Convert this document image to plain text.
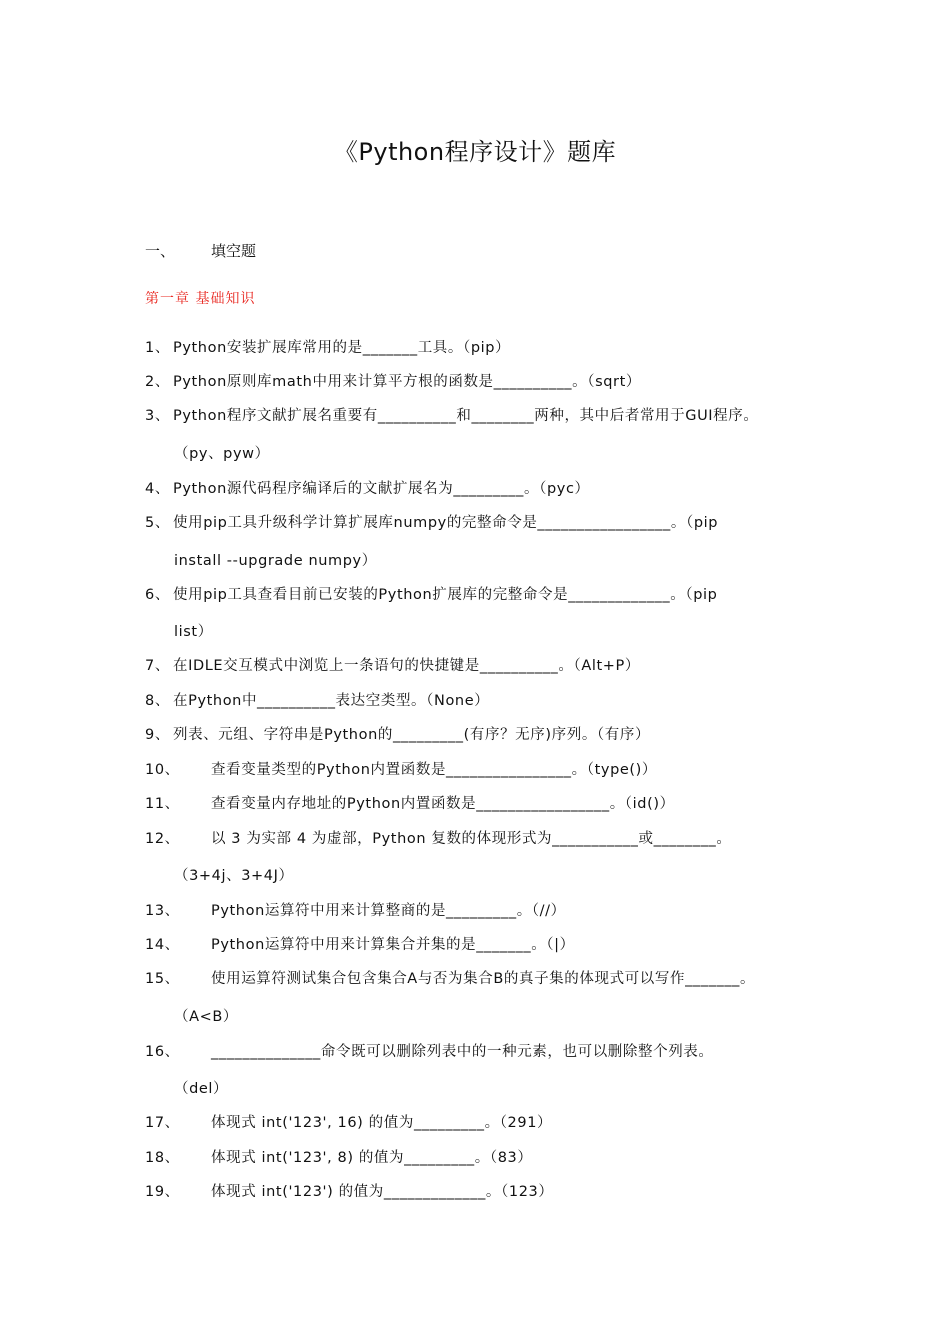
《Python程序设计》题库
一、	填空题
第一章 基础知识
1、 Python安装扩展库常用的是_______工具。（pip）
2、 Python原则库math中用来计算平方根的函数是__________。（sqrt）
3、 Python程序文献扩展名重要有__________和________两种，其中后者常用于GUI程序。
（py、pyw）
4、 Python源代码程序编译后的文献扩展名为_________。（pyc）
5、 使用pip工具升级科学计算扩展库numpy的完整命令是_________________。（pip
install --upgrade numpy）
6、 使用pip工具查看目前已安装的Python扩展库的完整命令是_____________。（pip
list）
7、 在IDLE交互模式中浏览上一条语句的快捷键是__________。（Alt+P）
8、 在Python中__________表达空类型。（None）
9、 列表、元组、字符串是Python的_________(有序？无序)序列。（有序）
10、 查看变量类型的Python内置函数是________________。（type()）
11、 查看变量内存地址的Python内置函数是_________________。（id()）
12、 以 3 为实部 4 为虚部，Python 复数的体现形式为___________或________。
（3+4j、3+4J）
13、 Python运算符中用来计算整商的是_________。（//）
14、 Python运算符中用来计算集合并集的是_______。（|）
15、 使用运算符测试集合包含集合A与否为集合B的真子集的体现式可以写作_______。
（A<B）
16、 ______________命令既可以删除列表中的一种元素，也可以删除整个列表。
（del）
17、 体现式 int('123', 16) 的值为_________。（291）
18、 体现式 int('123', 8) 的值为_________。（83）
19、 体现式 int('123') 的值为_____________。（123）
